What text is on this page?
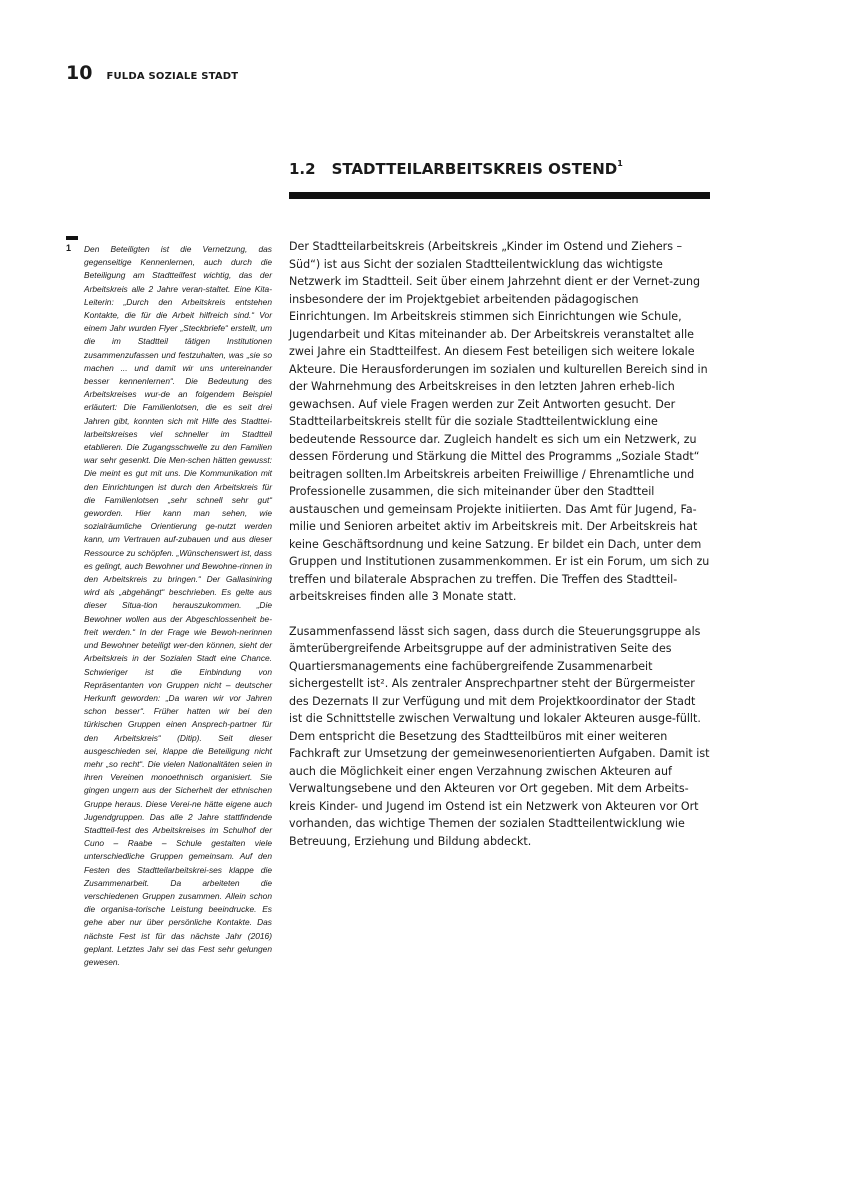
10 FULDA SOZIALE STADT
1.2 STADTTEILARBEITSKREIS OSTEND$^1$
1 Den Beteiligten ist die Vernetzung, das gegenseitige Kennenlernen, auch durch die Beteiligung am Stadtteilfest wichtig, das der Arbeitskreis alle 2 Jahre veran-staltet. Eine Kita-Leiterin: „Durch den Arbeitskreis entstehen Kontakte, die für die Arbeit hilfreich sind.“ Vor einem Jahr wurden Flyer „Steckbriefe“ erstellt, um die im Stadtteil tätigen Institutionen zusammenzufassen und festzuhalten, was „sie so machen ... und damit wir uns untereinander besser kennenlernen“. Die Bedeutung des Arbeitskreises wur-de an folgendem Beispiel erläutert: Die Familienlotsen, die es seit drei Jahren gibt, konnten sich mit Hilfe des Stadttei-larbeitskreises viel schneller im Stadtteil etablieren. Die Zugangsschwelle zu den Familien war sehr gesenkt. Die Men-schen hätten gewusst: Die meint es gut mit uns. Die Kommunikation mit den Einrichtungen ist durch den Arbeitskreis für die Familienlotsen „sehr schnell sehr gut“ geworden. Hier kann man sehen, wie sozialräumliche Orientierung ge-nutzt werden kann, um Vertrauen auf-zubauen und aus dieser Ressource zu schöpfen. „Wünschenswert ist, dass es gelingt, auch Bewohner und Bewohne-rinnen in den Arbeitskreis zu bringen.“ Der Gallasiniring wird als „abgehängt“ beschrieben. Es gelte aus dieser Situa-tion herauszukommen. „Die Bewohner wollen aus der Abgeschlossenheit be-freit werden.“ In der Frage wie Bewoh-nerinnen und Bewohner beteiligt wer-den können, sieht der Arbeitskreis in der Sozialen Stadt eine Chance. Schwieriger ist die Einbindung von Repräsentanten von Gruppen nicht – deutscher Herkunft geworden: „Da waren wir vor Jahren schon besser“. Früher hatten wir bei den türkischen Gruppen einen Ansprech-partner für den Arbeitskreis“ (Ditip). Seit dieser ausgeschieden sei, klappe die Beteiligung nicht mehr „so recht“. Die vielen Nationalitäten seien in ihren Vereinen monoethnisch organisiert. Sie gingen ungern aus der Sicherheit der ethnischen Gruppe heraus. Diese Verei-ne hätte eigene auch Jugendgruppen. Das alle 2 Jahre stattfindende Stadtteil-fest des Arbeitskreises im Schulhof der Cuno – Raabe – Schule gestalten viele unterschiedliche Gruppen gemeinsam. Auf den Festen des Stadtteilarbeitskrei-ses klappe die Zusammenarbeit. Da arbeiteten die verschiedenen Gruppen zusammen. Allein schon die organisa-torische Leistung beeindrucke. Es gehe aber nur über persönliche Kontakte. Das nächste Fest ist für das nächste Jahr (2016) geplant. Letztes Jahr sei das Fest sehr gelungen gewesen.

Der Stadtteilarbeitskreis (Arbeitskreis „Kinder im Ostend und Ziehers – Süd“) ist aus Sicht der sozialen Stadtteilentwicklung das wichtigste Netzwerk im Stadtteil. Seit über einem Jahrzehnt dient er der Vernet-zung insbesondere der im Projektgebiet arbeitenden pädagogischen Einrichtungen. Im Arbeitskreis stimmen sich Einrichtungen wie Schule, Jugendarbeit und Kitas miteinander ab. Der Arbeitskreis veranstaltet alle zwei Jahre ein Stadtteilfest. An diesem Fest beteiligen sich weitere lokale Akteure. Die Herausforderungen im sozialen und kulturellen Bereich sind in der Wahrnehmung des Arbeitskreises in den letzten Jahren erheb-lich gewachsen. Auf viele Fragen werden zur Zeit Antworten gesucht. Der Stadtteilarbeitskreis stellt für die soziale Stadtteilentwicklung eine bedeutende Ressource dar. Zugleich handelt es sich um ein Netzwerk, zu dessen Förderung und Stärkung die Mittel des Programms „Soziale Stadt“ beitragen sollten.Im Arbeitskreis arbeiten Freiwillige / Ehrenamtliche und Professionelle zusammen, die sich miteinander über den Stadtteil austauschen und gemeinsam Projekte initiierten. Das Amt für Jugend, Fa-milie und Senioren arbeitet aktiv im Arbeitskreis mit. Der Arbeitskreis hat keine Geschäftsordnung und keine Satzung. Er bildet ein Dach, unter dem Gruppen und Institutionen zusammenkommen. Er ist ein Forum, um sich zu treffen und bilaterale Absprachen zu treffen. Die Treffen des Stadtteil-arbeitskreises finden alle 3 Monate statt.

Zusammenfassend lässt sich sagen, dass durch die Steuerungsgruppe als ämterübergreifende Arbeitsgruppe auf der administrativen Seite des Quartiersmanagements eine fachübergreifende Zusammenarbeit sichergestellt ist². Als zentraler Ansprechpartner steht der Bürgermeister des Dezernats II zur Verfügung und mit dem Projektkoordinator der Stadt ist die Schnittstelle zwischen Verwaltung und lokaler Akteuren ausge-füllt. Dem entspricht die Besetzung des Stadtteilbüros mit einer weiteren Fachkraft zur Umsetzung der gemeinwesenorientierten Aufgaben. Damit ist auch die Möglichkeit einer engen Verzahnung zwischen Akteuren auf Verwaltungsebene und den Akteuren vor Ort gegeben. Mit dem Arbeits-kreis Kinder- und Jugend im Ostend ist ein Netzwerk von Akteuren vor Ort vorhanden, das wichtige Themen der sozialen Stadtteilentwicklung wie Betreuung, Erziehung und Bildung abdeckt.
